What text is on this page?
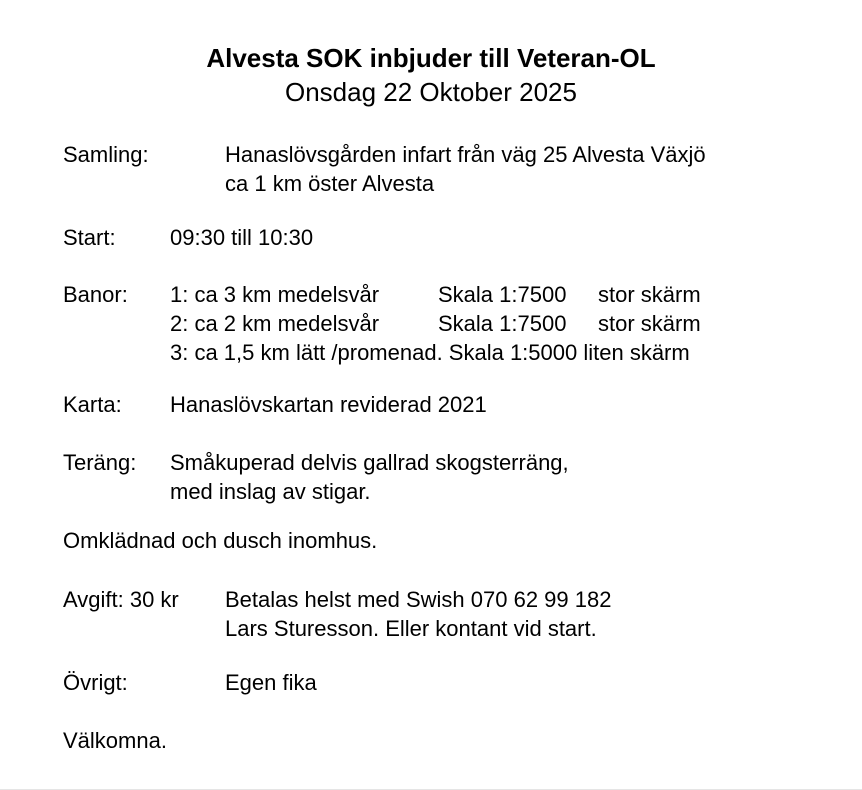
Alvesta SOK inbjuder till Veteran-OL
Onsdag 22 Oktober 2025
Samling:	Hanaslövsgården infart från väg 25 Alvesta Växjö
ca 1 km öster Alvesta
Start:	09:30 till 10:30
Banor:	1: ca 3 km medelsvår	Skala 1:7500	stor skärm
2: ca 2 km medelsvår	Skala 1:7500	stor skärm
3: ca 1,5 km lätt /promenad. Skala 1:5000 liten skärm
Karta:	Hanaslövskartan reviderad 2021
Teräng:	Småkuperad delvis gallrad skogsterräng,
med inslag av stigar.
Omklädnad och dusch inomhus.
Avgift: 30 kr	Betalas helst med Swish 070 62 99 182
Lars Sturesson. Eller kontant vid start.
Övrigt:	Egen fika
Välkomna.
